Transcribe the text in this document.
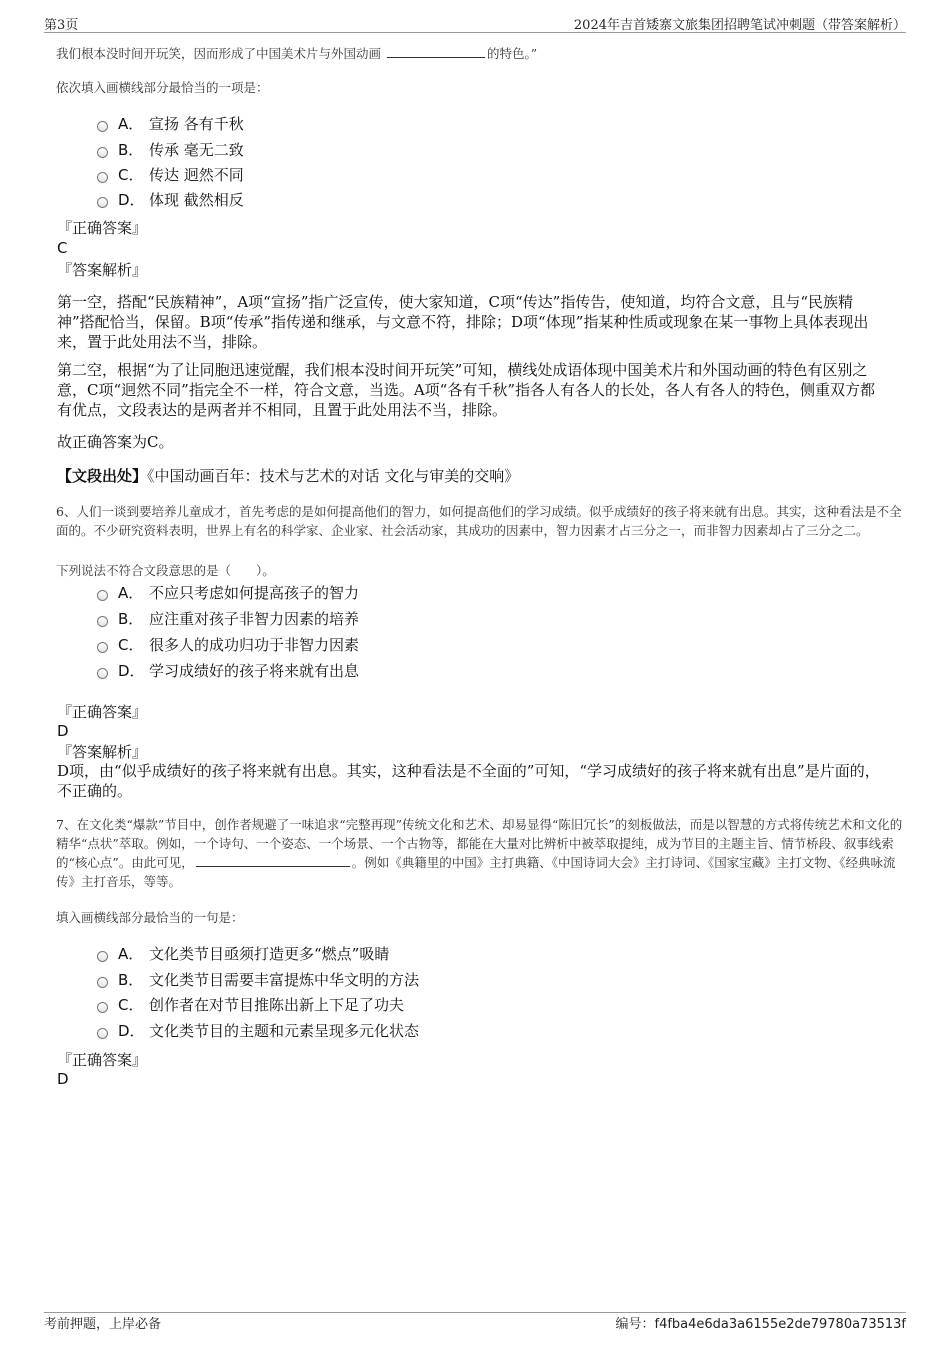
第3页	2024年吉首矮寨文旅集团招聘笔试冲刺题（带答案解析）
我们根本没时间开玩笑，因而形成了中国美术片与外国动画	的特色。”
依次填入画横线部分最恰当的一项是：
A． 宣扬 各有千秋
B． 传承 毫无二致
C． 传达 迥然不同
D． 体现 截然相反
『正确答案』
C
『答案解析』
第一空，搭配“民族精神”，A项“宣扬”指广泛宣传，使大家知道，C项“传达”指传告，使知道，均符合文意，且与“民族精神”搭配恰当，保留。B项“传承”指传递和继承，与文意不符，排除；D项“体现”指某种性质或现象在某一事物上具体表现出来，置于此处用法不当，排除。
第二空，根据“为了让同胞迅速觉醒，我们根本没时间开玩笑”可知，横线处成语体现中国美术片和外国动画的特色有区别之意，C项“迥然不同”指完全不一样，符合文意，当选。A项“各有千秋”指各人有各人的长处，各人有各人的特色，侧重双方都有优点，文段表达的是两者并不相同，且置于此处用法不当，排除。
故正确答案为C。
【文段出处】《中国动画百年：技术与艺术的对话 文化与审美的交响》
6、人们一谈到要培养儿童成才，首先考虑的是如何提高他们的智力，如何提高他们的学习成绩。似乎成绩好的孩子将来就有出息。其实，这种看法是不全面的。不少研究资料表明，世界上有名的科学家、企业家、社会活动家，其成功的因素中，智力因素才占三分之一，而非智力因素却占了三分之二。
下列说法不符合文段意思的是（　　）。
A． 不应只考虑如何提高孩子的智力
B． 应注重对孩子非智力因素的培养
C． 很多人的成功归功于非智力因素
D． 学习成绩好的孩子将来就有出息
『正确答案』
D
『答案解析』
D项，由“似乎成绩好的孩子将来就有出息。其实，这种看法是不全面的”可知，“学习成绩好的孩子将来就有出息”是片面的，不正确的。
7、在文化类“爆款”节目中，创作者规避了一味追求“完整再现”传统文化和艺术、却易显得“陈旧冗长”的刻板做法，而是以智慧的方式将传统艺术和文化的精华“点状”萃取。例如，一个诗句、一个姿态、一个场景、一个古物等，都能在大量对比辨析中被萃取提纯，成为节目的主题主旨、情节桥段、叙事线索的“核心点”。由此可见，	。例如《典籍里的中国》主打典籍、《中国诗词大会》主打诗词、《国家宝藏》主打文物、《经典咏流传》主打音乐，等等。
填入画横线部分最恰当的一句是：
A． 文化类节目亟须打造更多“燃点”吸睛
B． 文化类节目需要丰富提炼中华文明的方法
C． 创作者在对节目推陈出新上下足了功夫
D． 文化类节目的主题和元素呈现多元化状态
『正确答案』
D
考前押题，上岸必备	编号：f4fba4e6da3a6155e2de79780a73513f
